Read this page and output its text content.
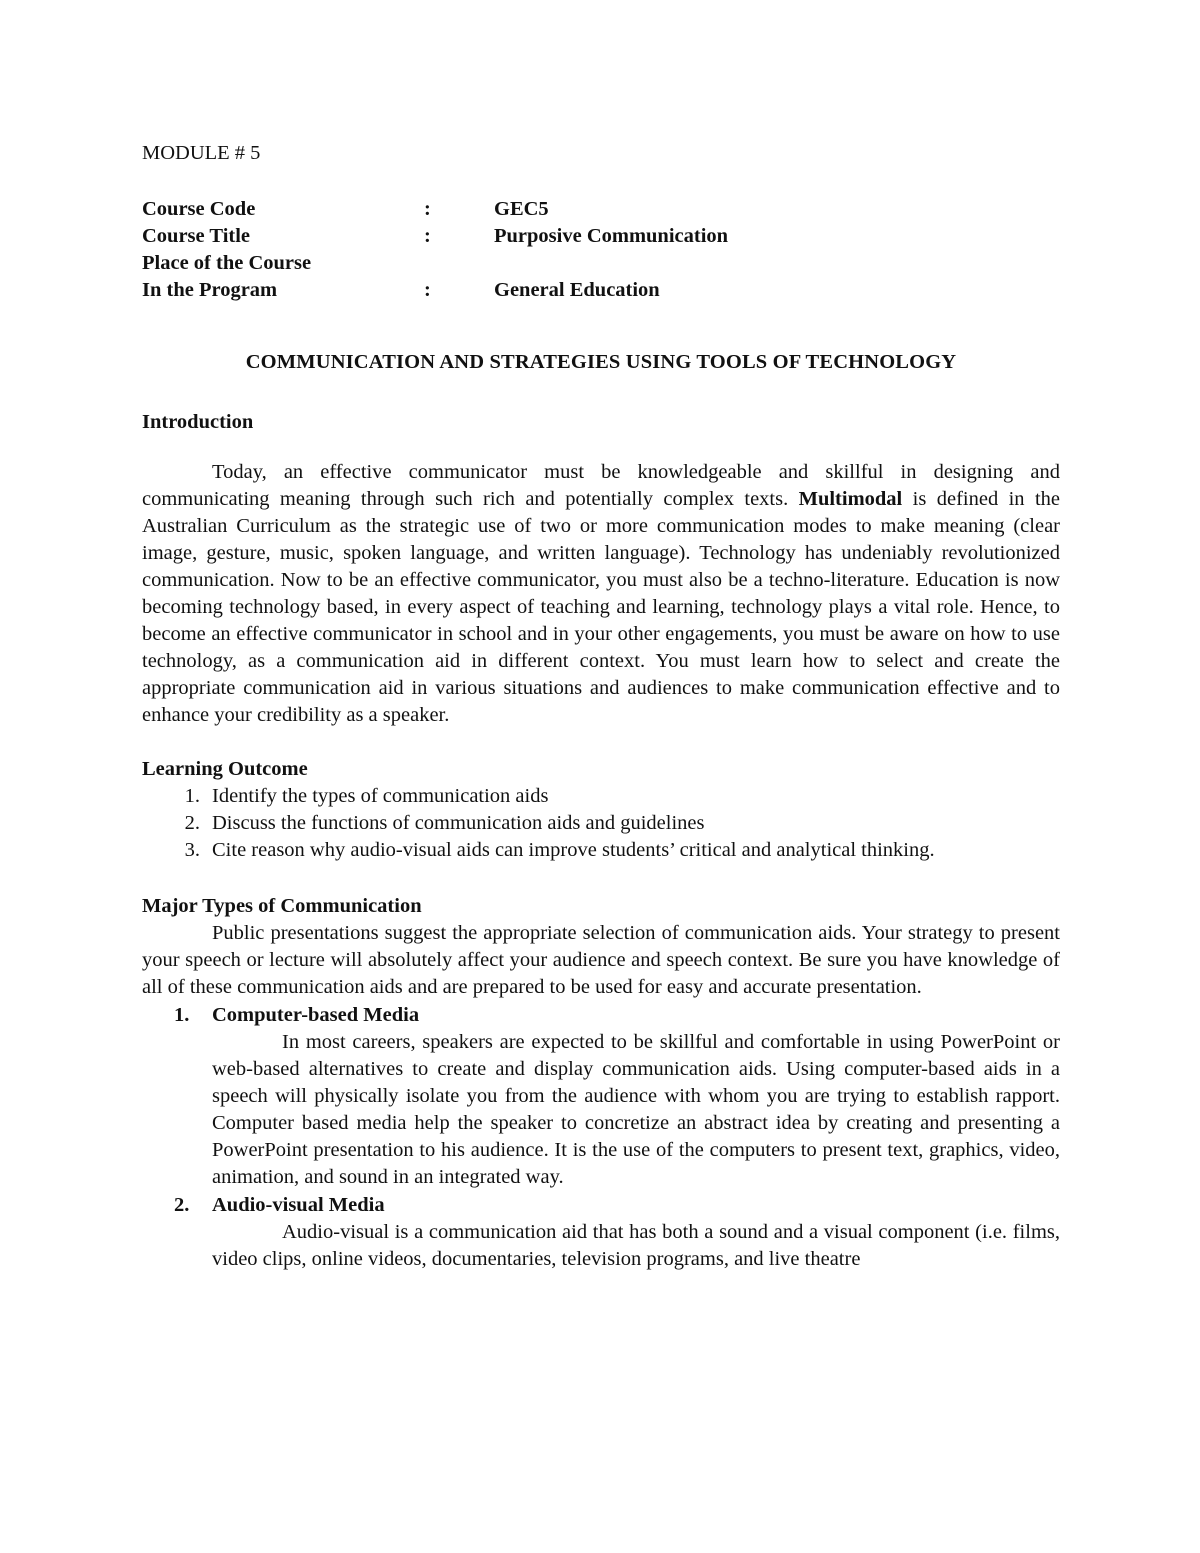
MODULE # 5
Course Code	:	GEC5
Course Title	:	Purposive Communication
Place of the Course
In the Program	:	General Education
COMMUNICATION AND STRATEGIES USING TOOLS OF TECHNOLOGY
Introduction

Today, an effective communicator must be knowledgeable and skillful in designing and communicating meaning through such rich and potentially complex texts. Multimodal is defined in the Australian Curriculum as the strategic use of two or more communication modes to make meaning (clear image, gesture, music, spoken language, and written language). Technology has undeniably revolutionized communication. Now to be an effective communicator, you must also be a techno-literature. Education is now becoming technology based, in every aspect of teaching and learning, technology plays a vital role. Hence, to become an effective communicator in school and in your other engagements, you must be aware on how to use technology, as a communication aid in different context. You must learn how to select and create the appropriate communication aid in various situations and audiences to make communication effective and to enhance your credibility as a speaker.

Learning Outcome
1. Identify the types of communication aids
2. Discuss the functions of communication aids and guidelines
3. Cite reason why audio-visual aids can improve students’ critical and analytical thinking.
Major Types of Communication

Public presentations suggest the appropriate selection of communication aids. Your strategy to present your speech or lecture will absolutely affect your audience and speech context. Be sure you have knowledge of all of these communication aids and are prepared to be used for easy and accurate presentation.

1.	Computer-based Media

In most careers, speakers are expected to be skillful and comfortable in using PowerPoint or web-based alternatives to create and display communication aids. Using computer-based aids in a speech will physically isolate you from the audience with whom you are trying to establish rapport. Computer based media help the speaker to concretize an abstract idea by creating and presenting a PowerPoint presentation to his audience. It is the use of the computers to present text, graphics, video, animation, and sound in an integrated way.

2.	Audio-visual Media

Audio-visual is a communication aid that has both a sound and a visual component (i.e. films, video clips, online videos, documentaries, television programs, and live theatre
